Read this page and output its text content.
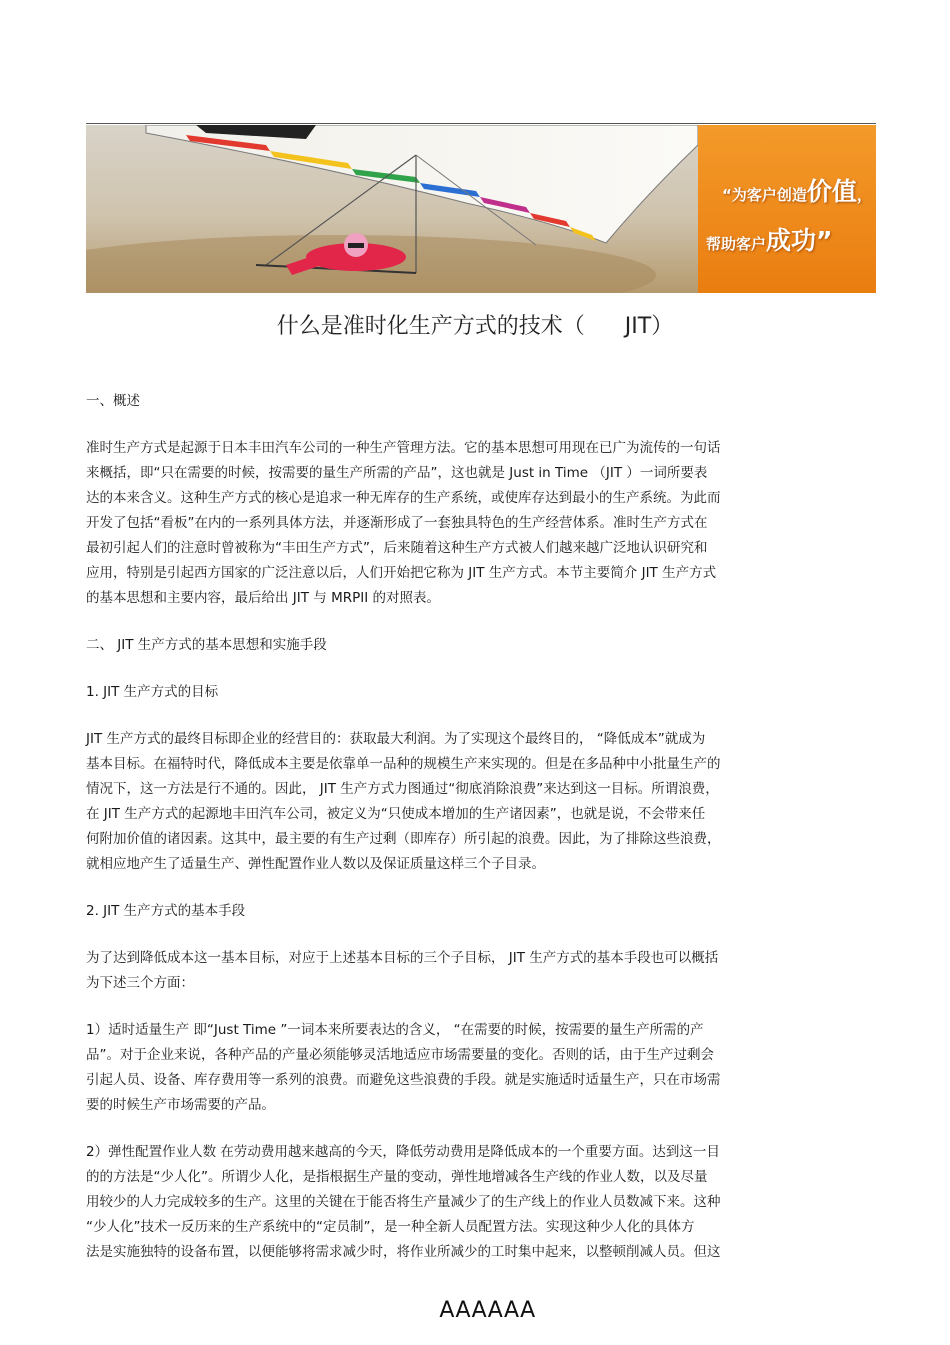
“为客户创造价值，
帮助客户成功”
什么是准时化生产方式的技术（ JIT）
一、概述
准时生产方式是起源于日本丰田汽车公司的一种生产管理方法。它的基本思想可用现在已广为流传的一句话
来概括，即“只在需要的时候，按需要的量生产所需的产品”，这也就是 Just in Time （JIT ）一词所要表
达的本来含义。这种生产方式的核心是追求一种无库存的生产系统，或使库存达到最小的生产系统。为此而
开发了包括“看板”在内的一系列具体方法，并逐渐形成了一套独具特色的生产经营体系。准时生产方式在
最初引起人们的注意时曾被称为“丰田生产方式”，后来随着这种生产方式被人们越来越广泛地认识研究和
应用，特别是引起西方国家的广泛注意以后，人们开始把它称为 JIT 生产方式。本节主要简介 JIT 生产方式
的基本思想和主要内容，最后给出 JIT 与 MRPII 的对照表。
二、 JIT 生产方式的基本思想和实施手段
1. JIT 生产方式的目标
JIT 生产方式的最终目标即企业的经营目的：获取最大利润。为了实现这个最终目的， “降低成本”就成为
基本目标。在福特时代，降低成本主要是依靠单一品种的规模生产来实现的。但是在多品种中小批量生产的
情况下，这一方法是行不通的。因此， JIT 生产方式力图通过“彻底消除浪费”来达到这一目标。所谓浪费，
在 JIT 生产方式的起源地丰田汽车公司，被定义为“只使成本增加的生产诸因素”，也就是说，不会带来任
何附加价值的诸因素。这其中，最主要的有生产过剩（即库存）所引起的浪费。因此，为了排除这些浪费，
就相应地产生了适量生产、弹性配置作业人数以及保证质量这样三个子目录。
2. JIT 生产方式的基本手段
为了达到降低成本这一基本目标，对应于上述基本目标的三个子目标， JIT 生产方式的基本手段也可以概括
为下述三个方面：
1）适时适量生产 即“Just Time ”一词本来所要表达的含义， “在需要的时候，按需要的量生产所需的产
品”。对于企业来说，各种产品的产量必须能够灵活地适应市场需要量的变化。否则的话，由于生产过剩会
引起人员、设备、库存费用等一系列的浪费。而避免这些浪费的手段。就是实施适时适量生产，只在市场需
要的时候生产市场需要的产品。
2）弹性配置作业人数 在劳动费用越来越高的今天，降低劳动费用是降低成本的一个重要方面。达到这一目
的的方法是“少人化”。所谓少人化，是指根据生产量的变动，弹性地增减各生产线的作业人数，以及尽量
用较少的人力完成较多的生产。这里的关键在于能否将生产量减少了的生产线上的作业人员数减下来。这种
“少人化”技术一反历来的生产系统中的“定员制”，是一种全新人员配置方法。实现这种少人化的具体方
法是实施独特的设备布置，以便能够将需求减少时，将作业所减少的工时集中起来，以整顿削减人员。但这
AAAAAA
